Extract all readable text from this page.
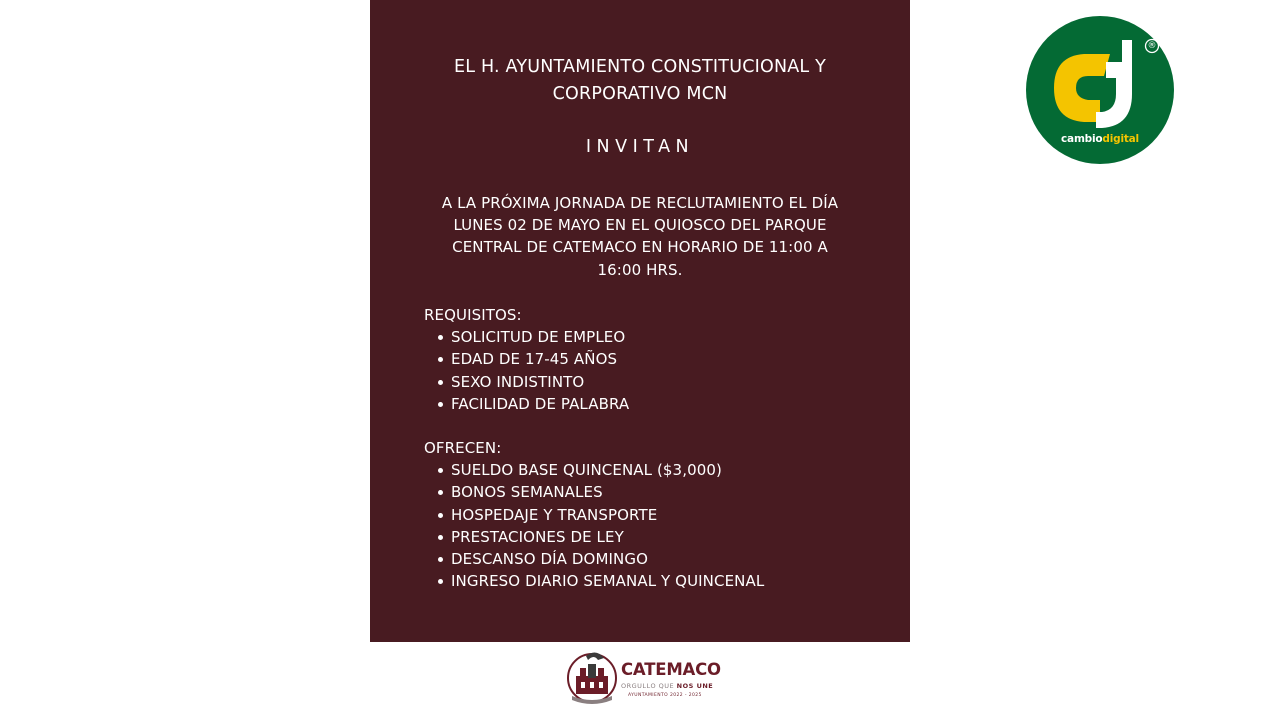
EL H. AYUNTAMIENTO CONSTITUCIONAL Y
CORPORATIVO MCN
INVITAN
A LA PRÓXIMA JORNADA DE RECLUTAMIENTO EL DÍA
LUNES 02 DE MAYO EN EL QUIOSCO DEL PARQUE
CENTRAL DE CATEMACO EN HORARIO DE 11:00 A
16:00 HRS.
REQUISITOS:
SOLICITUD DE EMPLEO
EDAD DE 17-45 AÑOS
SEXO INDISTINTO
FACILIDAD DE PALABRA
OFRECEN:
SUELDO BASE QUINCENAL ($3,000)
BONOS SEMANALES
HOSPEDAJE Y TRANSPORTE
PRESTACIONES DE LEY
DESCANSO DÍA DOMINGO
INGRESO DIARIO SEMANAL Y QUINCENAL
cambiodigital
®
CATEMACO
ORGULLO QUE NOS UNE
AYUNTAMIENTO 2022 - 2025
